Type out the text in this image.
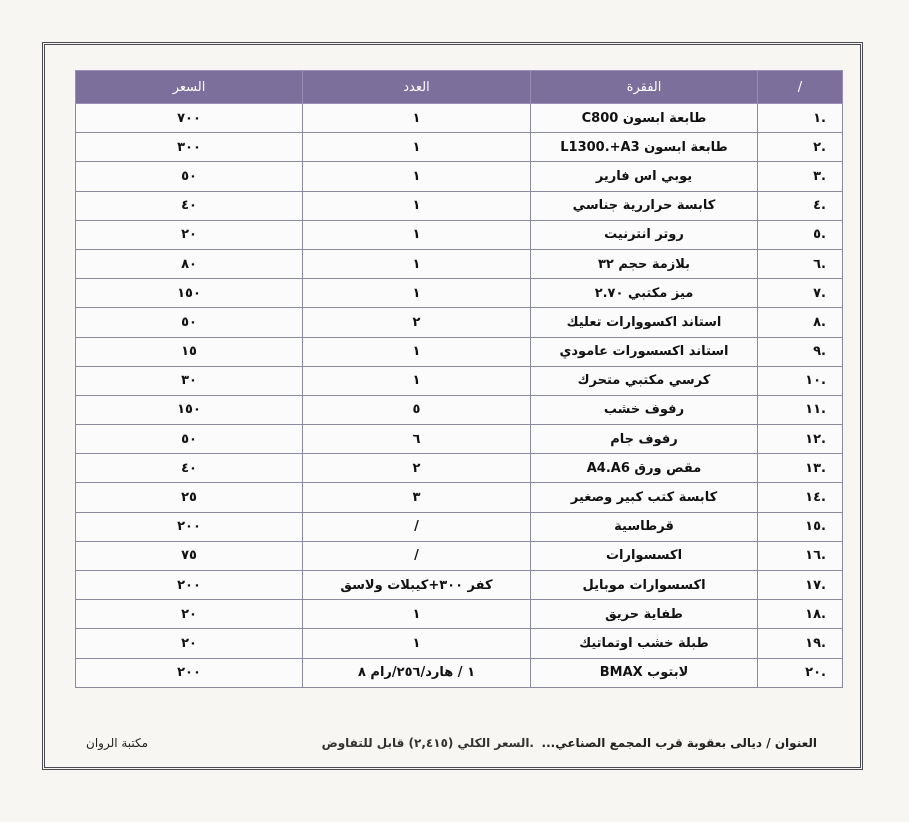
/	الفقرة	العدد	السعر
.١	طابعة ابسون C800	١	٧٠٠
.٢	طابعة ابسون L1300.+A3	١	٣٠٠
.٣	يوبي اس فارير	١	٥٠
.٤	كابسة حراررية جناسي	١	٤٠
.٥	روتر انترنيت	١	٢٠
.٦	بلازمة حجم ٣٢	١	٨٠
.٧	ميز مكتبي ٢.٧٠	١	١٥٠
.٨	استاند اكسووارات تعليك	٢	٥٠
.٩	استاند اكسسورات عامودي	١	١٥
.١٠	كرسي مكتبي متحرك	١	٣٠
.١١	رفوف خشب	٥	١٥٠
.١٢	رفوف جام	٦	٥٠
.١٣	مقص ورق A4.A6	٢	٤٠
.١٤	كابسة كتب كبير وصغير	٣	٢٥
.١٥	قرطاسية	/	٢٠٠
.١٦	اكسسوارات	/	٧٥
.١٧	اكسسوارات موبايل	كفر ٣٠٠+كيبلات ولاسق	٢٠٠
.١٨	طفاية حريق	١	٢٠
.١٩	طبلة خشب اوتماتيك	١	٢٠
.٢٠	لابتوب BMAX	١ / هارد/٢٥٦/رام ٨	٢٠٠
العنوان / ديالى بعقوبة قرب المجمع الصناعي...
.السعر الكلي (٢,٤١٥) قابل للتفاوض
مكتبة الروان
